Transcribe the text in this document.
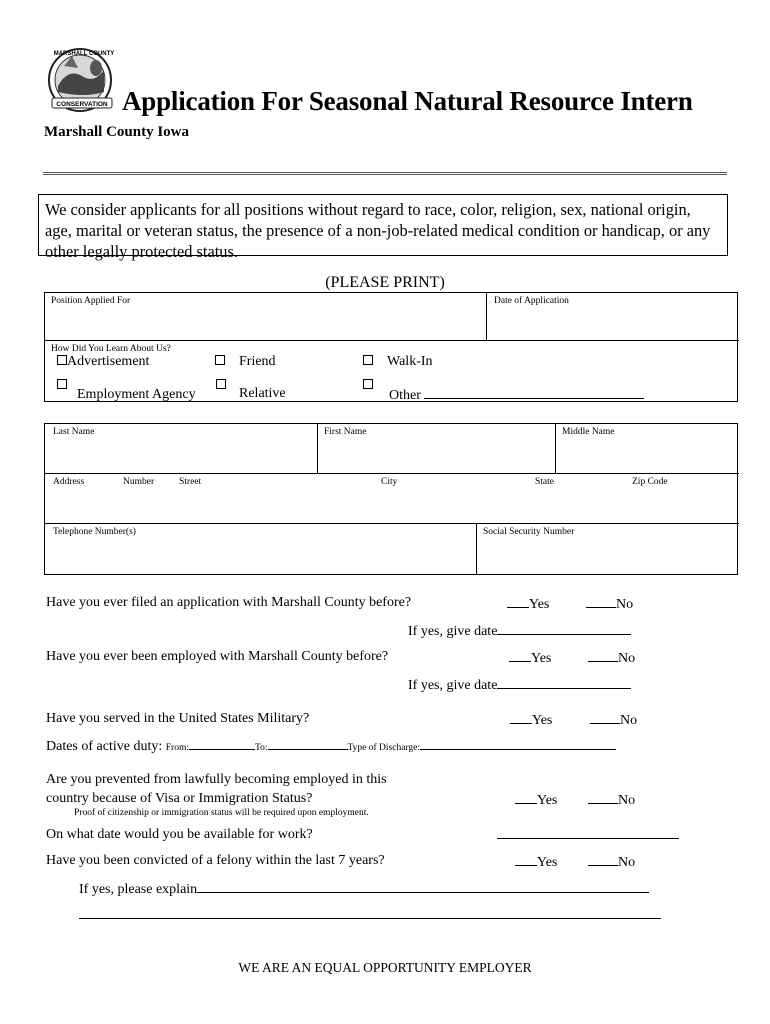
CONSERVATION
MARSHALL COUNTY
Application For Seasonal Natural Resource Intern
Marshall County Iowa
We consider applicants for all positions without regard to race, color, religion, sex, national origin, age, marital or veteran status, the presence of a non-job-related medical condition or handicap, or any other legally protected status.
(PLEASE PRINT)
Position Applied For	Date of Application
How Did You Learn About Us?
Advertisement	Friend	Walk-In
Employment Agency	Relative	Other
Last Name	First Name	Middle Name
Address	Number	Street	City	State	Zip Code
Telephone Number(s)	Social Security Number
Have you ever filed an application with Marshall County before?	Yes	No
If yes, give date
Have you ever been employed with Marshall County before?	Yes	No
If yes, give date
Have you served in the United States Military?	Yes	No
Dates of active duty: From:	To:	Type of Discharge:
Are you prevented from lawfully becoming employed in this
country because of Visa or Immigration Status?	Yes	No
Proof of citizenship or immigration status will be required upon employment.
On what date would you be available for work?
Have you been convicted of a felony within the last 7 years?	Yes	No
If yes, please explain
WE ARE AN EQUAL OPPORTUNITY EMPLOYER
